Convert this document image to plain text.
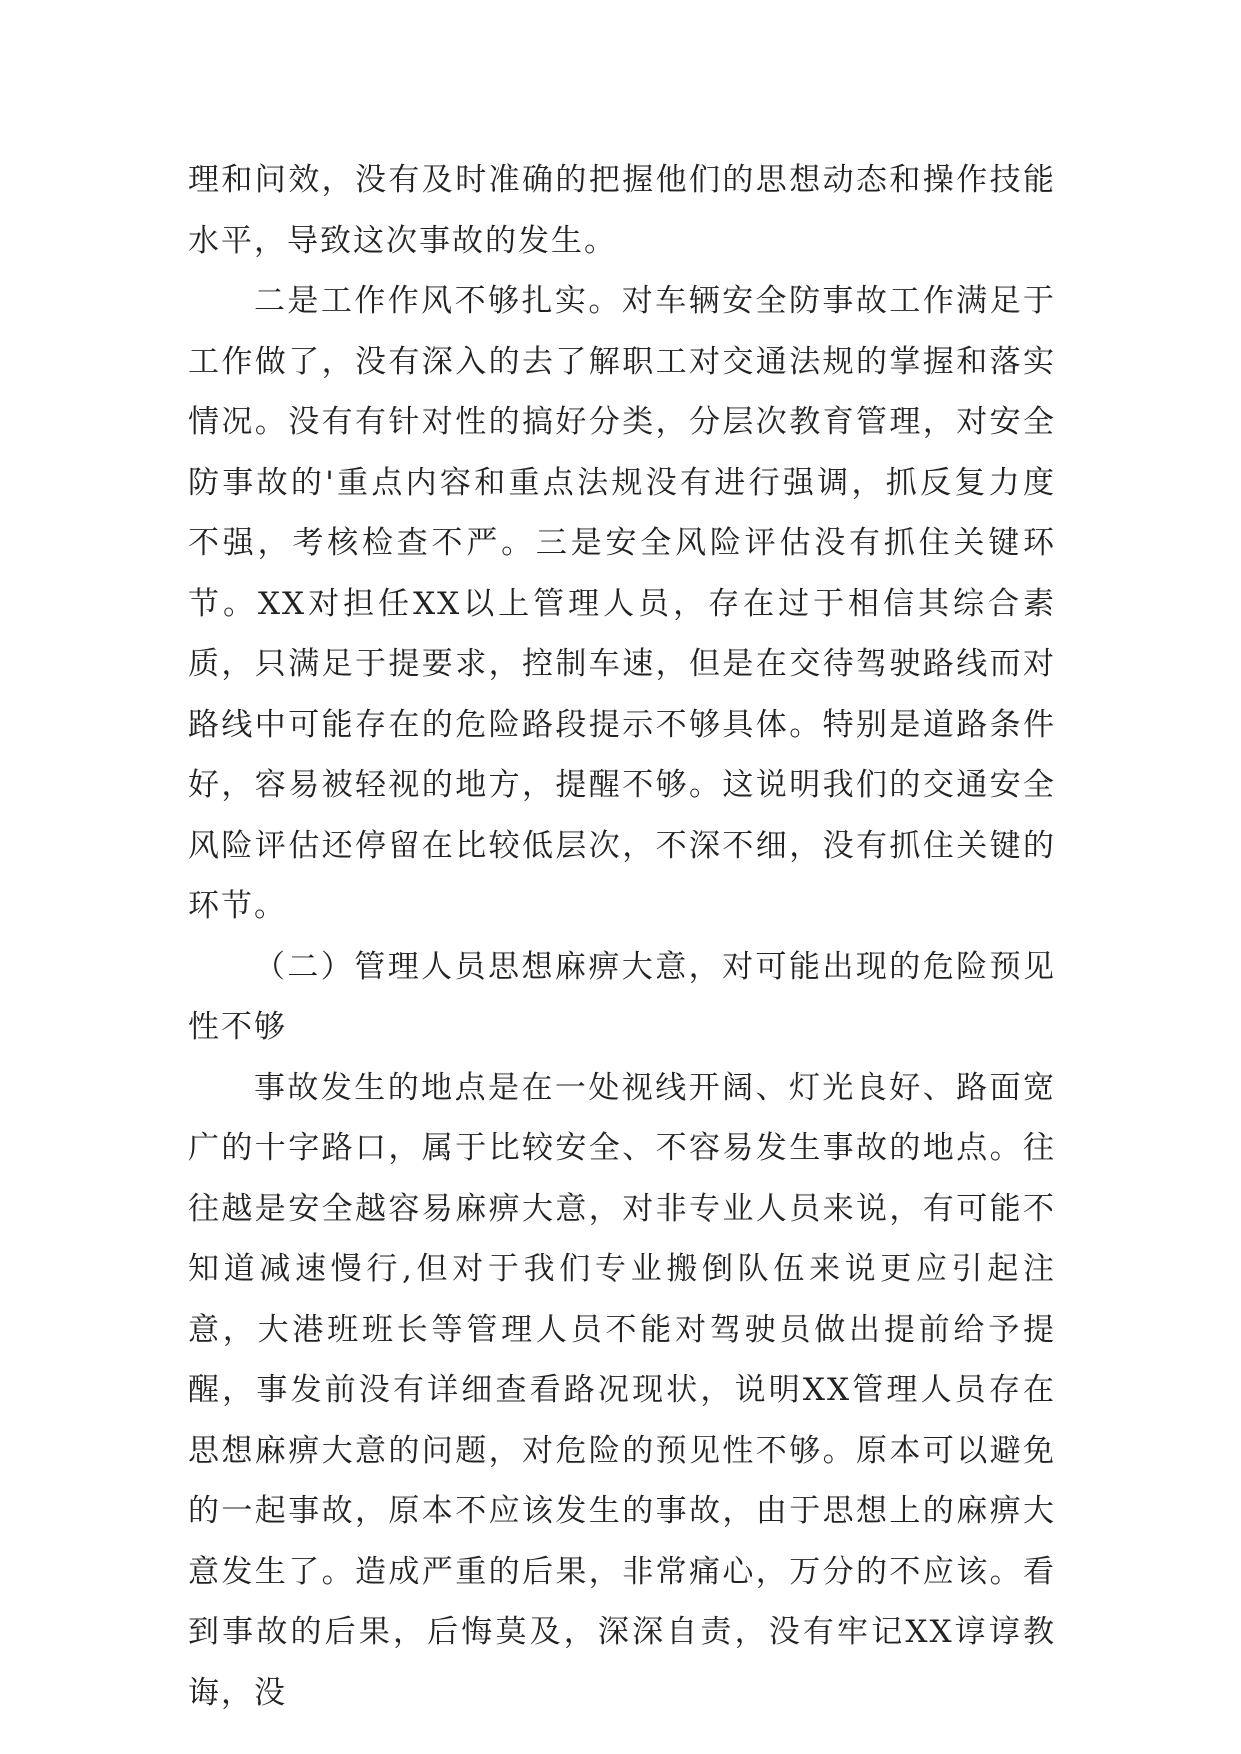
理和问效，没有及时准确的把握他们的思想动态和操作技能水平，导致这次事故的发生。

二是工作作风不够扎实。对车辆安全防事故工作满足于工作做了，没有深入的去了解职工对交通法规的掌握和落实情况。没有有针对性的搞好分类，分层次教育管理，对安全防事故的'重点内容和重点法规没有进行强调，抓反复力度不强，考核检查不严。三是安全风险评估没有抓住关键环节。XX对担任XX以上管理人员，存在过于相信其综合素质，只满足于提要求，控制车速，但是在交待驾驶路线而对路线中可能存在的危险路段提示不够具体。特别是道路条件好，容易被轻视的地方，提醒不够。这说明我们的交通安全风险评估还停留在比较低层次，不深不细，没有抓住关键的环节。

（二）管理人员思想麻痹大意，对可能出现的危险预见性不够

事故发生的地点是在一处视线开阔、灯光良好、路面宽广的十字路口，属于比较安全、不容易发生事故的地点。往往越是安全越容易麻痹大意，对非专业人员来说，有可能不知道减速慢行,但对于我们专业搬倒队伍来说更应引起注意，大港班班长等管理人员不能对驾驶员做出提前给予提醒，事发前没有详细查看路况现状，说明XX管理人员存在思想麻痹大意的问题，对危险的预见性不够。原本可以避免的一起事故，原本不应该发生的事故，由于思想上的麻痹大意发生了。造成严重的后果，非常痛心，万分的不应该。看到事故的后果，后悔莫及，深深自责，没有牢记XX谆谆教诲，没
